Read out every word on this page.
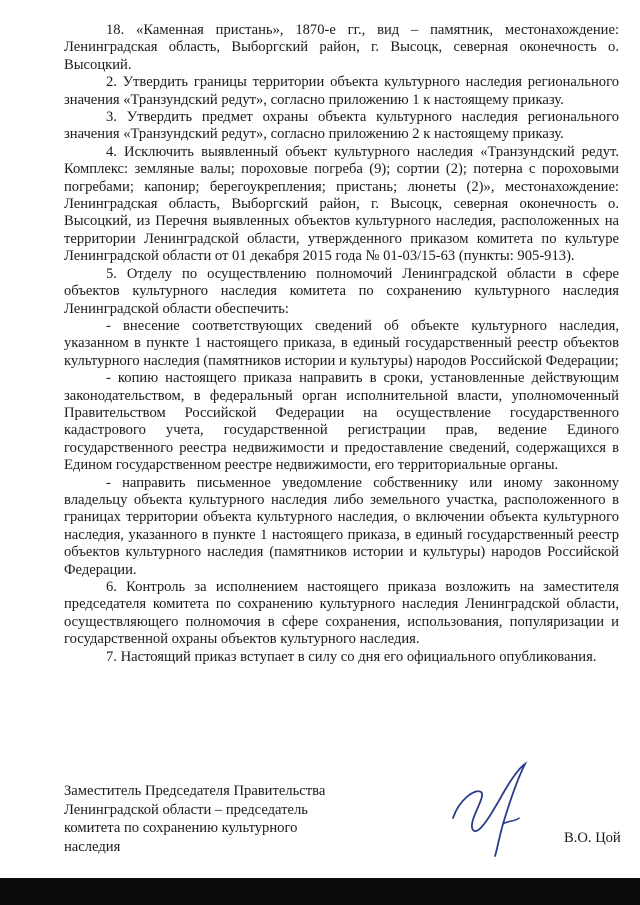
18. «Каменная пристань», 1870-е гг., вид – памятник, местонахождение: Ленинградская область, Выборгский район, г. Высоцк, северная оконечность о. Высоцкий.

2. Утвердить границы территории объекта культурного наследия регионального значения «Транзундский редут», согласно приложению 1 к настоящему приказу.

3. Утвердить предмет охраны объекта культурного наследия регионального значения «Транзундский редут», согласно приложению 2 к настоящему приказу.

4. Исключить выявленный объект культурного наследия «Транзундский редут. Комплекс: земляные валы; пороховые погреба (9); сортии (2); потерна с пороховыми погребами; капонир; берегоукрепления; пристань; люнеты (2)», местонахождение: Ленинградская область, Выборгский район, г. Высоцк, северная оконечность о. Высоцкий, из Перечня выявленных объектов культурного наследия, расположенных на территории Ленинградской области, утвержденного приказом комитета по культуре Ленинградской области от 01 декабря 2015 года № 01-03/15-63 (пункты: 905-913).

5. Отделу по осуществлению полномочий Ленинградской области в сфере объектов культурного наследия комитета по сохранению культурного наследия Ленинградской области обеспечить:

- внесение соответствующих сведений об объекте культурного наследия, указанном в пункте 1 настоящего приказа, в единый государственный реестр объектов культурного наследия (памятников истории и культуры) народов Российской Федерации;

- копию настоящего приказа направить в сроки, установленные действующим законодательством, в федеральный орган исполнительной власти, уполномоченный Правительством Российской Федерации на осуществление государственного кадастрового учета, государственной регистрации прав, ведение Единого государственного реестра недвижимости и предоставление сведений, содержащихся в Едином государственном реестре недвижимости, его территориальные органы.

- направить письменное уведомление собственнику или иному законному владельцу объекта культурного наследия либо земельного участка, расположенного в границах территории объекта культурного наследия, о включении объекта культурного наследия, указанного в пункте 1 настоящего приказа, в единый государственный реестр объектов культурного наследия (памятников истории и культуры) народов Российской Федерации.

6. Контроль за исполнением настоящего приказа возложить на заместителя председателя комитета по сохранению культурного наследия Ленинградской области, осуществляющего полномочия в сфере сохранения, использования, популяризации и государственной охраны объектов культурного наследия.

7. Настоящий приказ вступает в силу со дня его официального опубликования.

Заместитель Председателя Правительства
Ленинградской области – председатель
комитета по сохранению культурного
наследия
В.О. Цой
